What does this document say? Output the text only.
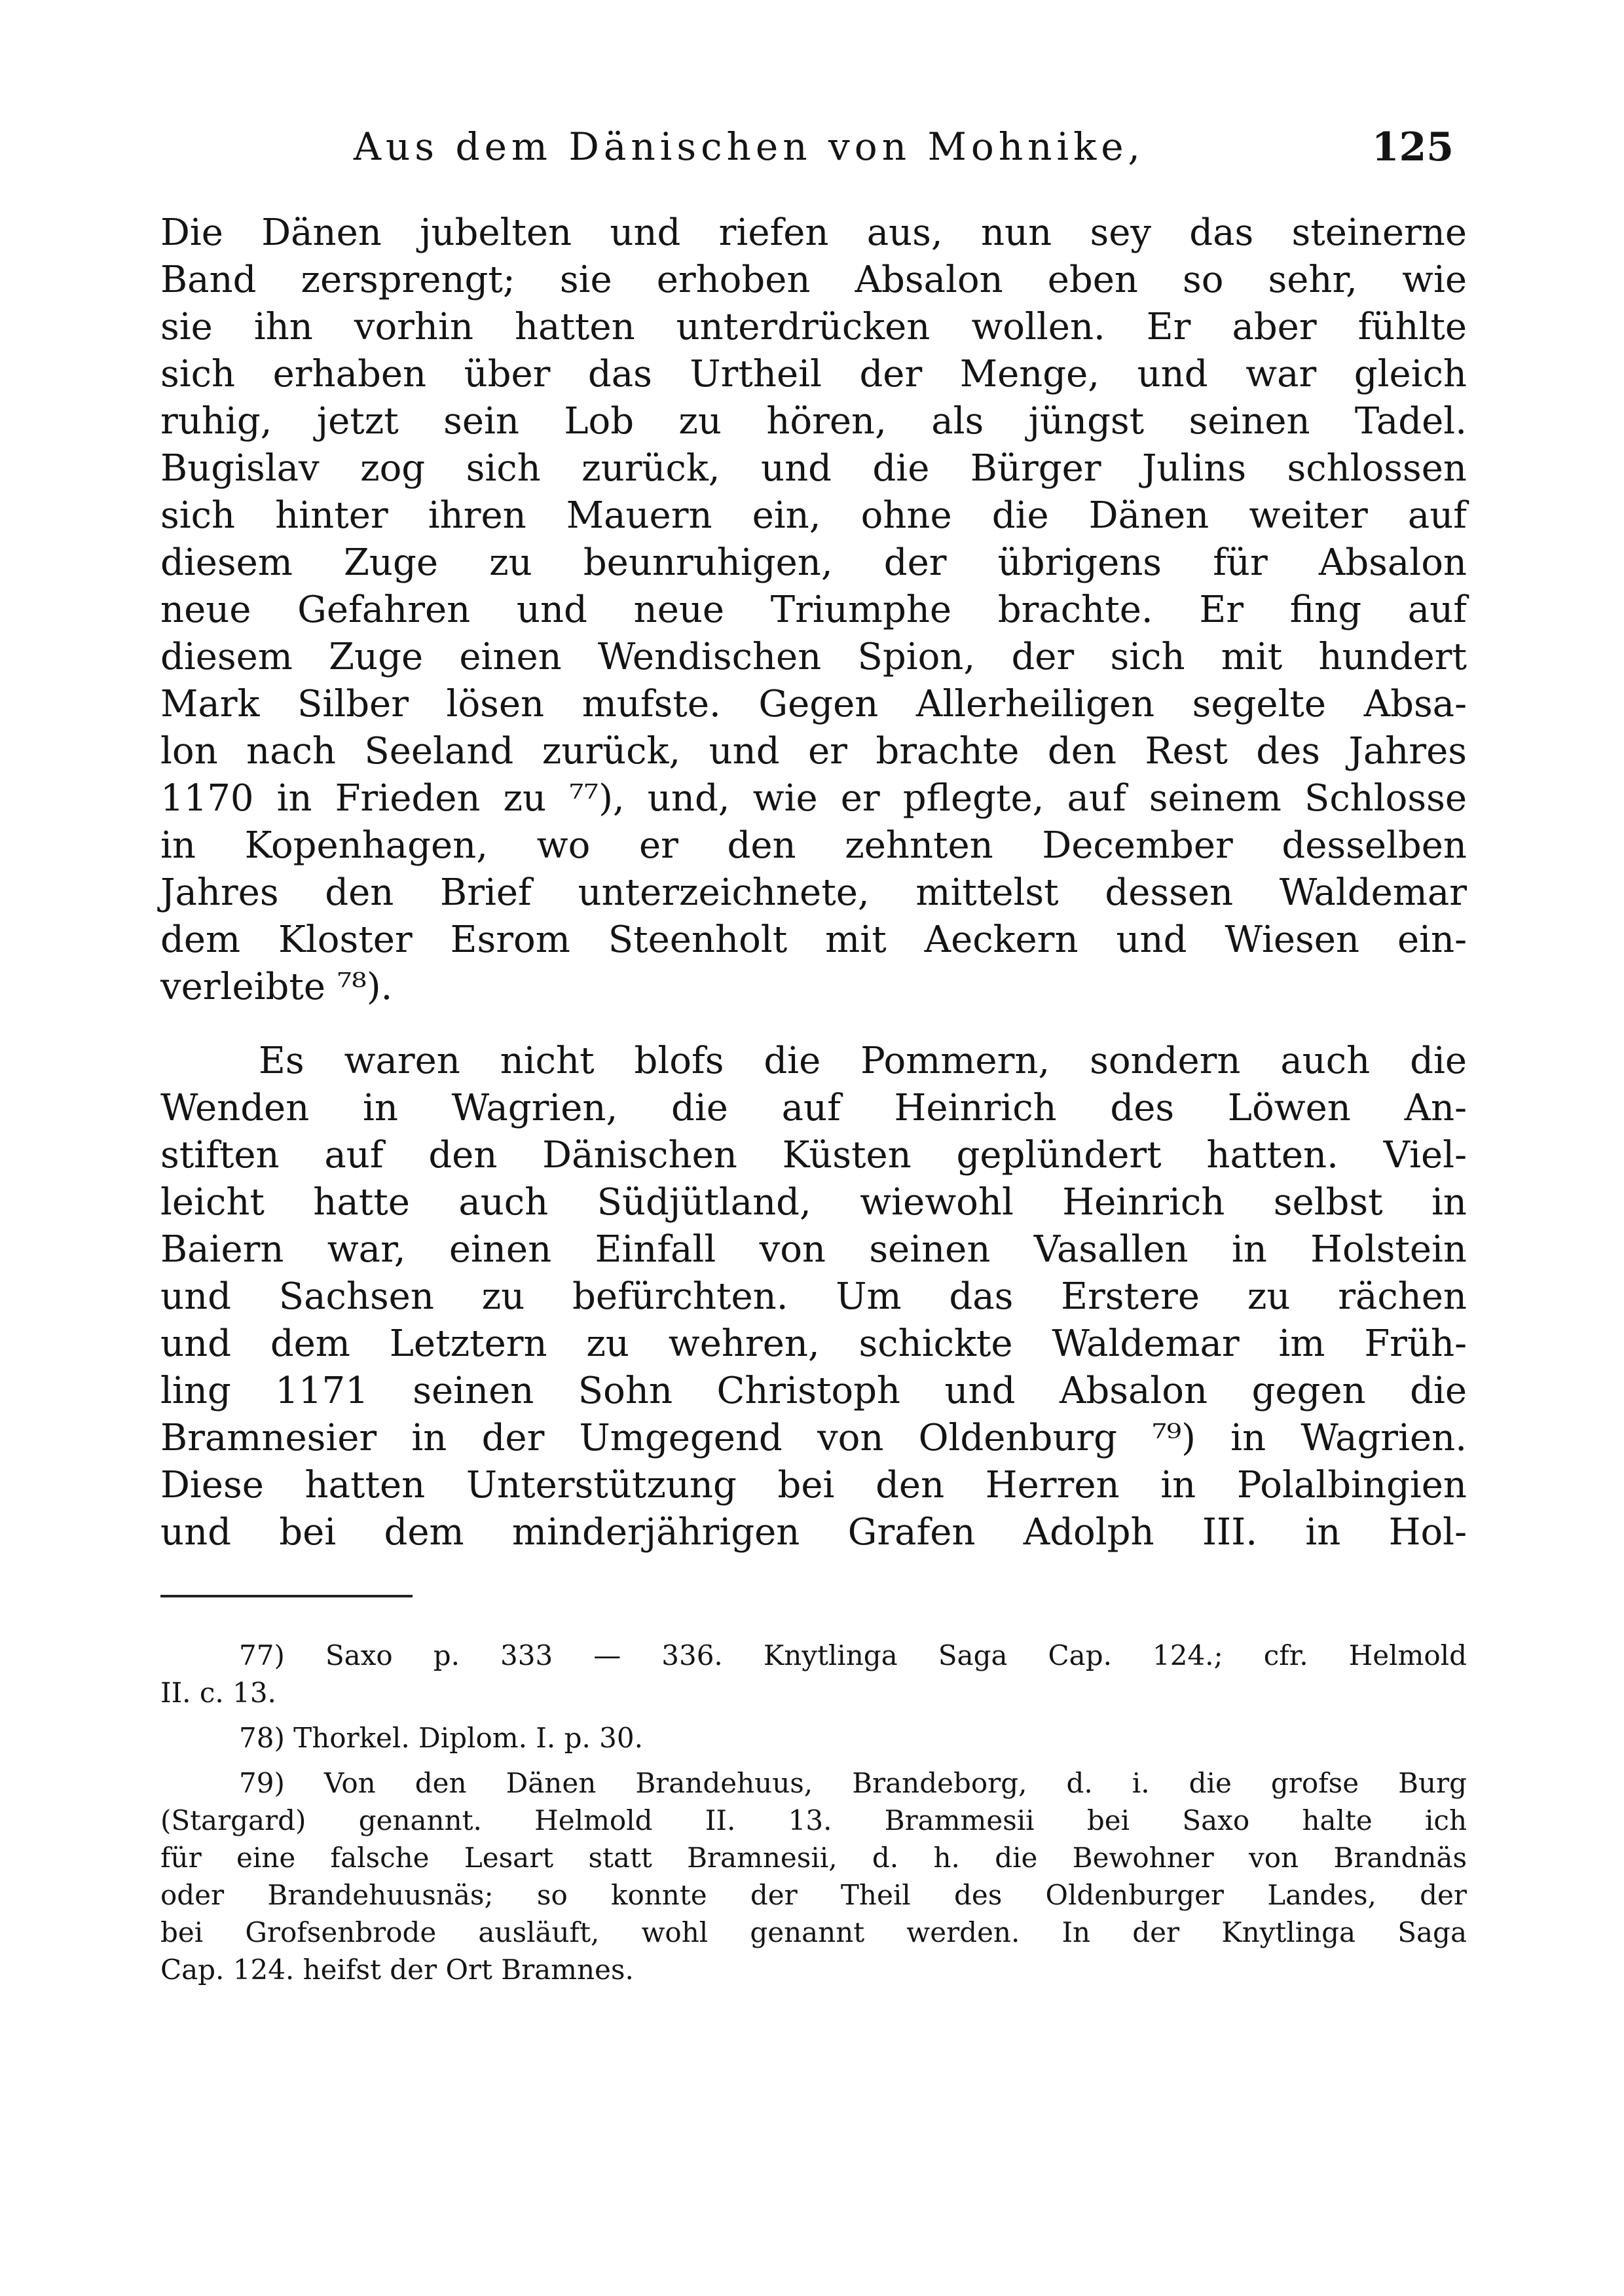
Aus dem Dänischen von Mohnike,	125
Die Dänen jubelten und riefen aus, nun sey das steinerne
Band zersprengt; sie erhoben Absalon eben so sehr, wie
sie ihn vorhin hatten unterdrücken wollen. Er aber fühlte
sich erhaben über das Urtheil der Menge, und war gleich
ruhig, jetzt sein Lob zu hören, als jüngst seinen Tadel.
Bugislav zog sich zurück, und die Bürger Julins schlossen
sich hinter ihren Mauern ein, ohne die Dänen weiter auf
diesem Zuge zu beunruhigen, der übrigens für Absalon
neue Gefahren und neue Triumphe brachte. Er fing auf
diesem Zuge einen Wendischen Spion, der sich mit hundert
Mark Silber lösen mufste. Gegen Allerheiligen segelte Absa-
lon nach Seeland zurück, und er brachte den Rest des Jahres
1170 in Frieden zu ⁷⁷), und, wie er pflegte, auf seinem Schlosse
in Kopenhagen, wo er den zehnten December desselben
Jahres den Brief unterzeichnete, mittelst dessen Waldemar
dem Kloster Esrom Steenholt mit Aeckern und Wiesen ein-
verleibte ⁷⁸).
Es waren nicht blofs die Pommern, sondern auch die
Wenden in Wagrien, die auf Heinrich des Löwen An-
stiften auf den Dänischen Küsten geplündert hatten. Viel-
leicht hatte auch Südjütland, wiewohl Heinrich selbst in
Baiern war, einen Einfall von seinen Vasallen in Holstein
und Sachsen zu befürchten. Um das Erstere zu rächen
und dem Letztern zu wehren, schickte Waldemar im Früh-
ling 1171 seinen Sohn Christoph und Absalon gegen die
Bramnesier in der Umgegend von Oldenburg ⁷⁹) in Wagrien.
Diese hatten Unterstützung bei den Herren in Polalbingien
und bei dem minderjährigen Grafen Adolph III. in Hol-
77) Saxo p. 333 — 336. Knytlinga Saga Cap. 124.; cfr. Helmold
II. c. 13.
78) Thorkel. Diplom. I. p. 30.
79) Von den Dänen Brandehuus, Brandeborg, d. i. die grofse Burg
(Stargard) genannt. Helmold II. 13. Brammesii bei Saxo halte ich
für eine falsche Lesart statt Bramnesii, d. h. die Bewohner von Brandnäs
oder Brandehuusnäs; so konnte der Theil des Oldenburger Landes, der
bei Grofsenbrode ausläuft, wohl genannt werden. In der Knytlinga Saga
Cap. 124. heifst der Ort Bramnes.
